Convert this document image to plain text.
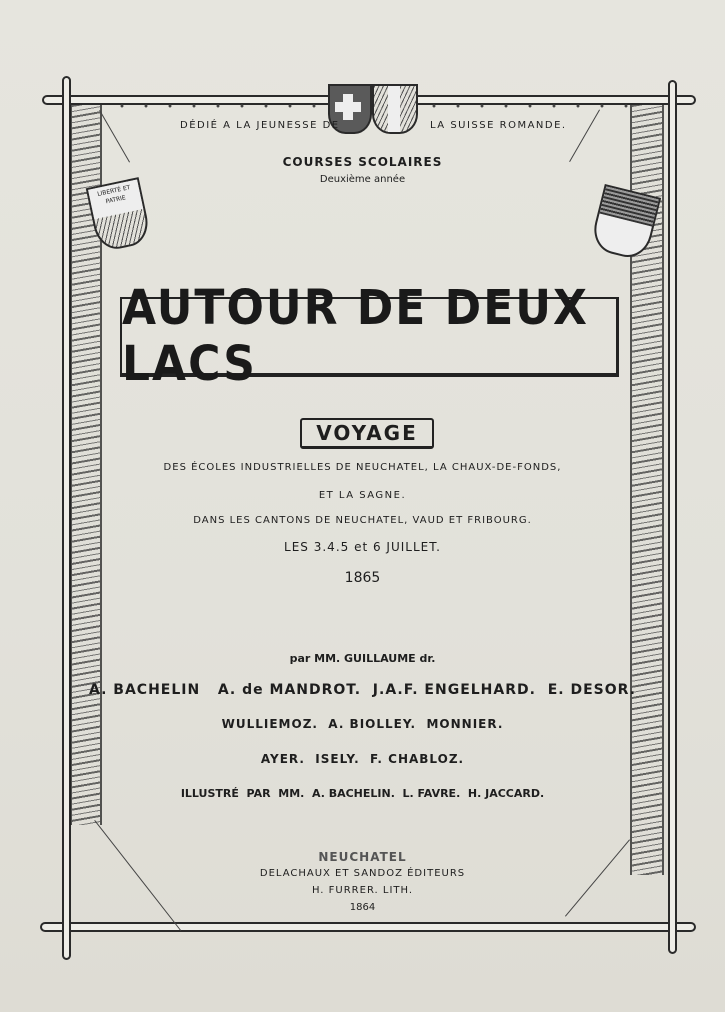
LIBERTÉ ET PATRIE
DÉDIÉ A LA JEUNESSE DE	LA SUISSE ROMANDE.
COURSES SCOLAIRES
Deuxième année
AUTOUR DE DEUX LACS
VOYAGE
DES ÉCOLES INDUSTRIELLES DE NEUCHATEL, LA CHAUX-DE-FONDS,
ET LA SAGNE.
DANS LES CANTONS DE NEUCHATEL, VAUD ET FRIBOURG.
LES 3.4.5 et 6 JUILLET.
1865
par MM. GUILLAUME dr.
A. BACHELIN   A. de MANDROT.  J.A.F. ENGELHARD.  E. DESOR.
WULLIEMOZ.  A. BIOLLEY.  MONNIER.
AYER.  ISELY.  F. CHABLOZ.
ILLUSTRÉ  PAR  MM.  A. BACHELIN.  L. FAVRE.  H. JACCARD.
NEUCHATEL
DELACHAUX ET SANDOZ ÉDITEURS
H. FURRER. LITH.
1864
